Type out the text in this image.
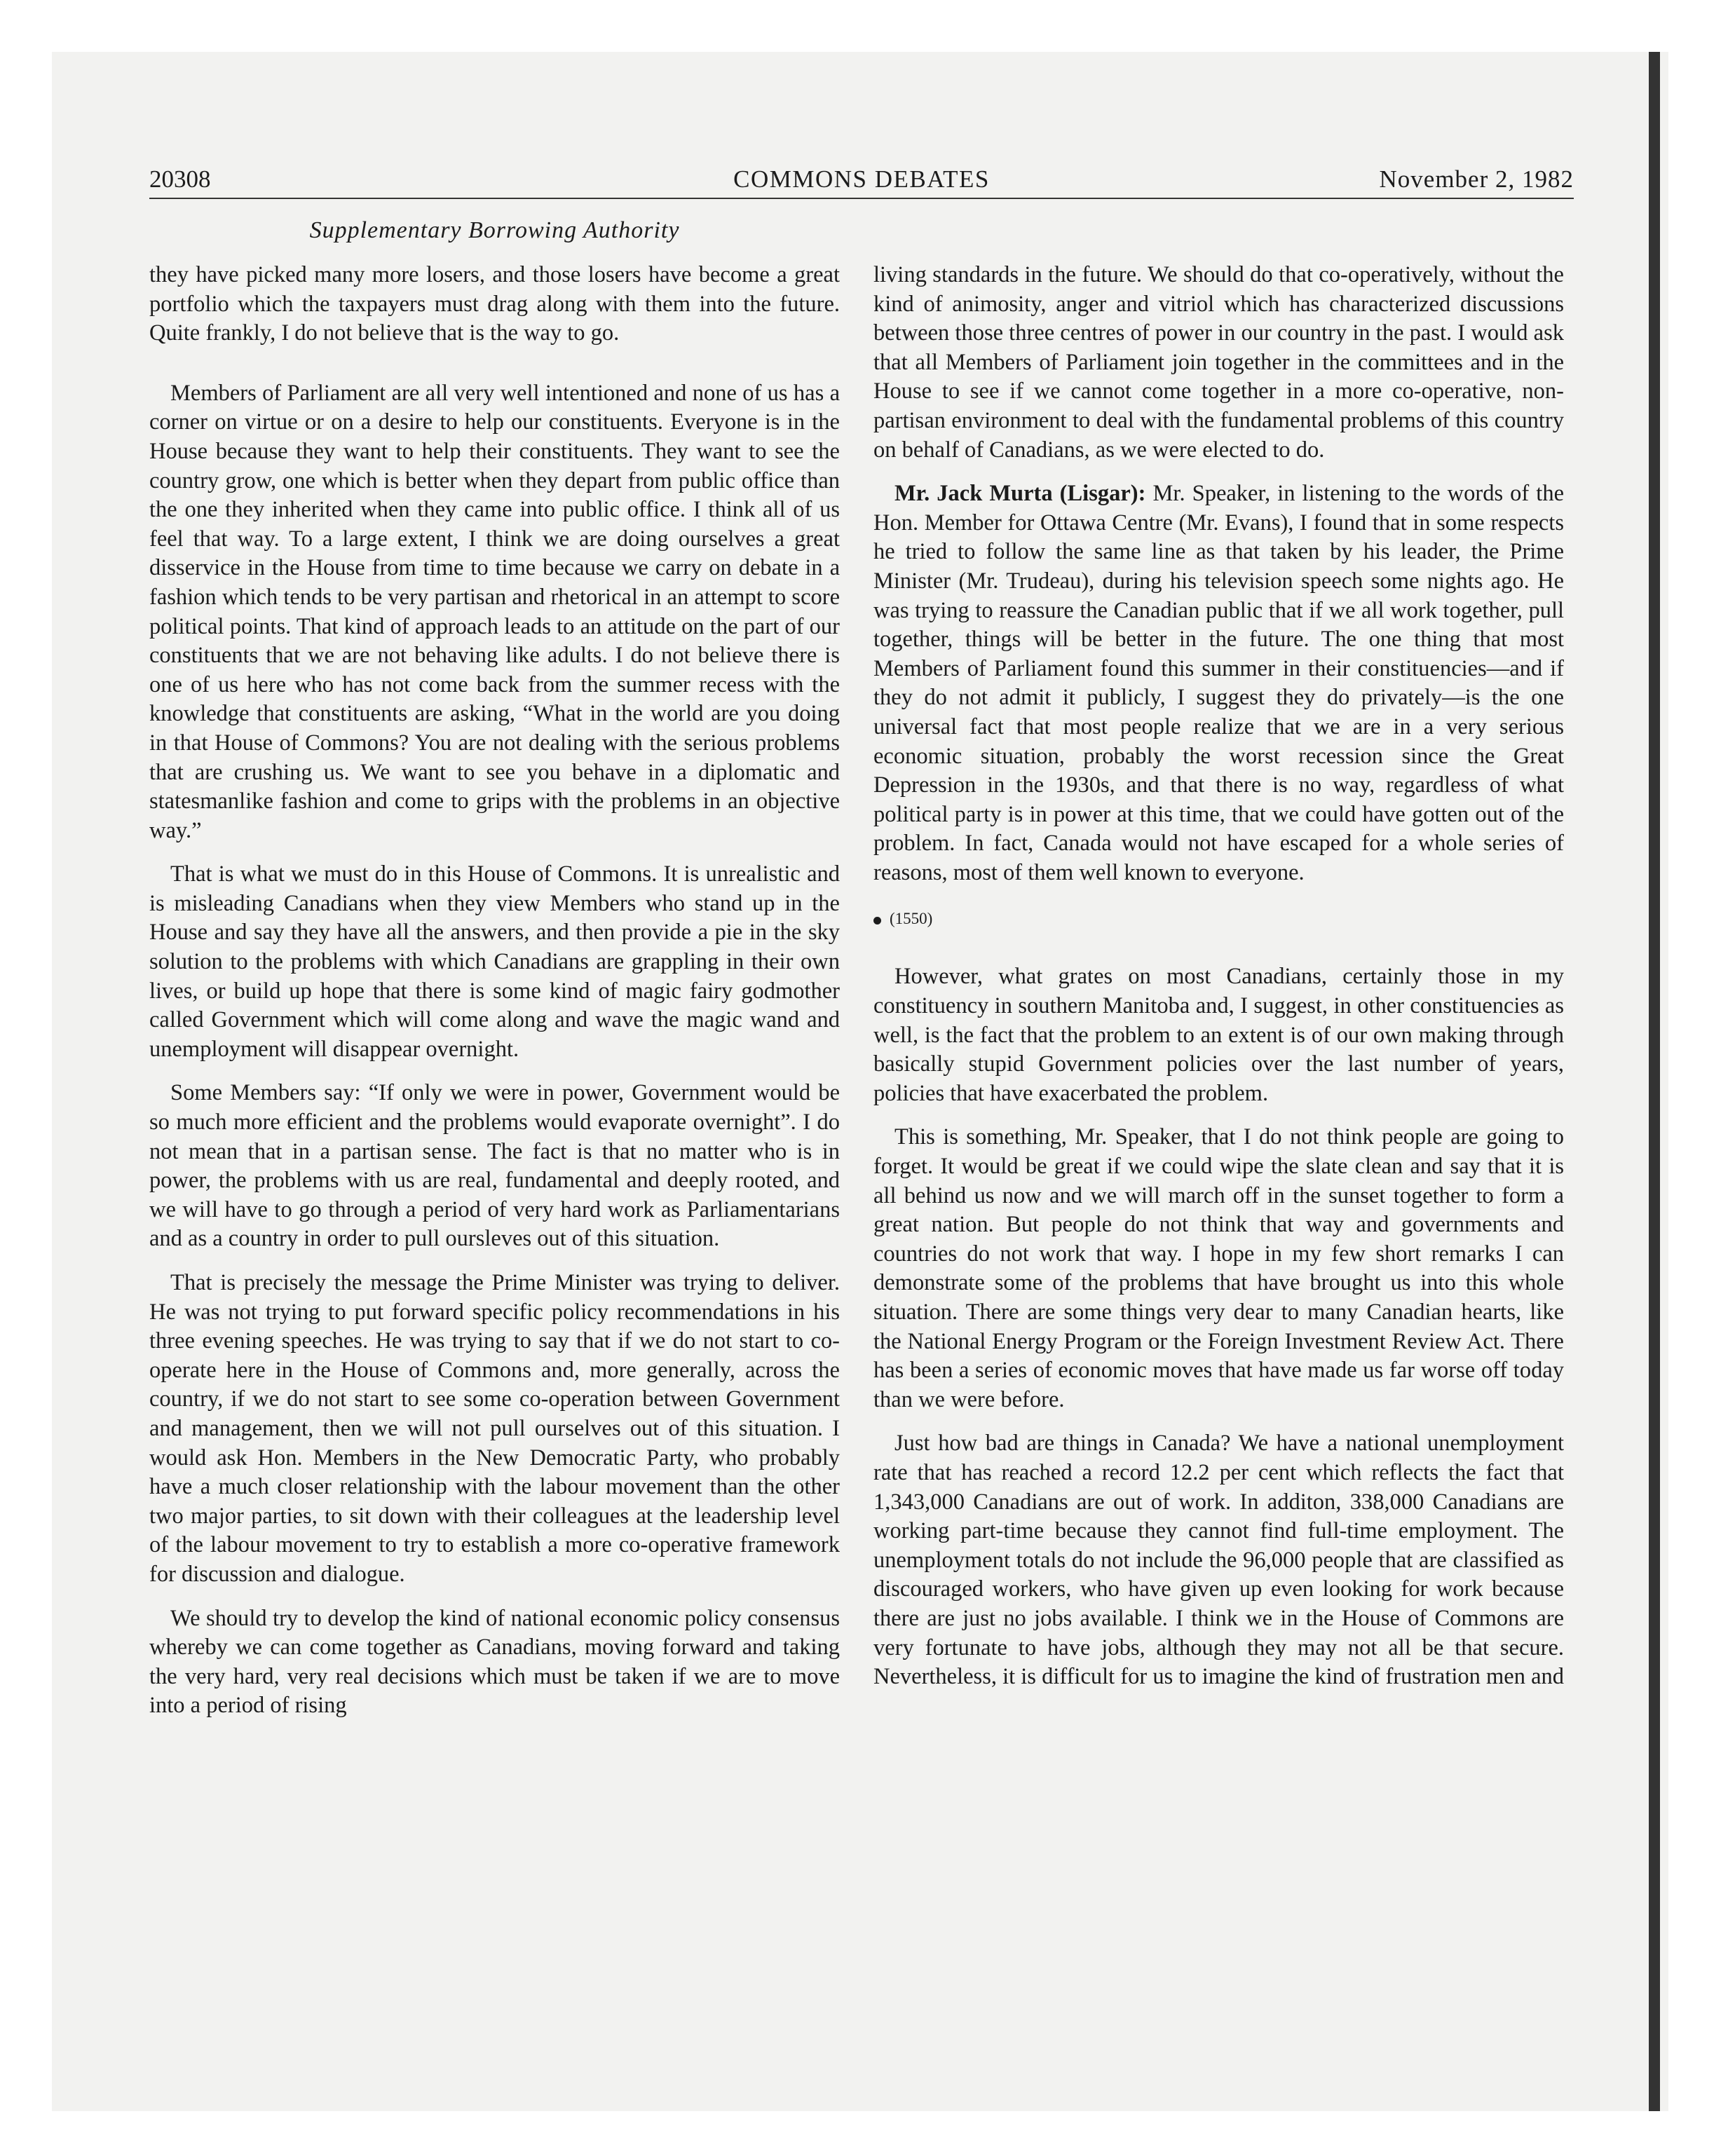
20308	COMMONS DEBATES	November 2, 1982
Supplementary Borrowing Authority

they have picked many more losers, and those losers have become a great portfolio which the taxpayers must drag along with them into the future. Quite frankly, I do not believe that is the way to go.

Members of Parliament are all very well intentioned and none of us has a corner on virtue or on a desire to help our constituents. Everyone is in the House because they want to help their constituents. They want to see the country grow, one which is better when they depart from public office than the one they inherited when they came into public office. I think all of us feel that way. To a large extent, I think we are doing ourselves a great disservice in the House from time to time because we carry on debate in a fashion which tends to be very partisan and rhetorical in an attempt to score political points. That kind of approach leads to an attitude on the part of our constituents that we are not behaving like adults. I do not believe there is one of us here who has not come back from the summer recess with the knowledge that constituents are asking, “What in the world are you doing in that House of Commons? You are not dealing with the serious problems that are crushing us. We want to see you behave in a diplomatic and statesmanlike fashion and come to grips with the problems in an objective way.”

That is what we must do in this House of Commons. It is unrealistic and is misleading Canadians when they view Members who stand up in the House and say they have all the answers, and then provide a pie in the sky solution to the problems with which Canadians are grappling in their own lives, or build up hope that there is some kind of magic fairy godmother called Government which will come along and wave the magic wand and unemployment will disappear overnight.

Some Members say: “If only we were in power, Government would be so much more efficient and the problems would evaporate overnight”. I do not mean that in a partisan sense. The fact is that no matter who is in power, the problems with us are real, fundamental and deeply rooted, and we will have to go through a period of very hard work as Parliamentarians and as a country in order to pull oursleves out of this situation.

That is precisely the message the Prime Minister was trying to deliver. He was not trying to put forward specific policy recommendations in his three evening speeches. He was trying to say that if we do not start to co-operate here in the House of Commons and, more generally, across the country, if we do not start to see some co-operation between Government and management, then we will not pull ourselves out of this situation. I would ask Hon. Members in the New Democratic Party, who probably have a much closer relationship with the labour movement than the other two major parties, to sit down with their colleagues at the leadership level of the labour movement to try to establish a more co-operative framework for discussion and dialogue.

We should try to develop the kind of national economic policy consensus whereby we can come together as Canadians, moving forward and taking the very hard, very real decisions which must be taken if we are to move into a period of rising

living standards in the future. We should do that co-operatively, without the kind of animosity, anger and vitriol which has characterized discussions between those three centres of power in our country in the past. I would ask that all Members of Parliament join together in the committees and in the House to see if we cannot come together in a more co-operative, non-partisan environment to deal with the fundamental problems of this country on behalf of Canadians, as we were elected to do.

Mr. Jack Murta (Lisgar): Mr. Speaker, in listening to the words of the Hon. Member for Ottawa Centre (Mr. Evans), I found that in some respects he tried to follow the same line as that taken by his leader, the Prime Minister (Mr. Trudeau), during his television speech some nights ago. He was trying to reassure the Canadian public that if we all work together, pull together, things will be better in the future. The one thing that most Members of Parliament found this summer in their constituencies—and if they do not admit it publicly, I suggest they do privately—is the one universal fact that most people realize that we are in a very serious economic situation, probably the worst recession since the Great Depression in the 1930s, and that there is no way, regardless of what political party is in power at this time, that we could have gotten out of the problem. In fact, Canada would not have escaped for a whole series of reasons, most of them well known to everyone.

(1550)

However, what grates on most Canadians, certainly those in my constituency in southern Manitoba and, I suggest, in other constituencies as well, is the fact that the problem to an extent is of our own making through basically stupid Government policies over the last number of years, policies that have exacerbated the problem.

This is something, Mr. Speaker, that I do not think people are going to forget. It would be great if we could wipe the slate clean and say that it is all behind us now and we will march off in the sunset together to form a great nation. But people do not think that way and governments and countries do not work that way. I hope in my few short remarks I can demonstrate some of the problems that have brought us into this whole situation. There are some things very dear to many Canadian hearts, like the National Energy Program or the Foreign Investment Review Act. There has been a series of economic moves that have made us far worse off today than we were before.

Just how bad are things in Canada? We have a national unemployment rate that has reached a record 12.2 per cent which reflects the fact that 1,343,000 Canadians are out of work. In additon, 338,000 Canadians are working part-time because they cannot find full-time employment. The unemployment totals do not include the 96,000 people that are classified as discouraged workers, who have given up even looking for work because there are just no jobs available. I think we in the House of Commons are very fortunate to have jobs, although they may not all be that secure. Nevertheless, it is difficult for us to imagine the kind of frustration men and
